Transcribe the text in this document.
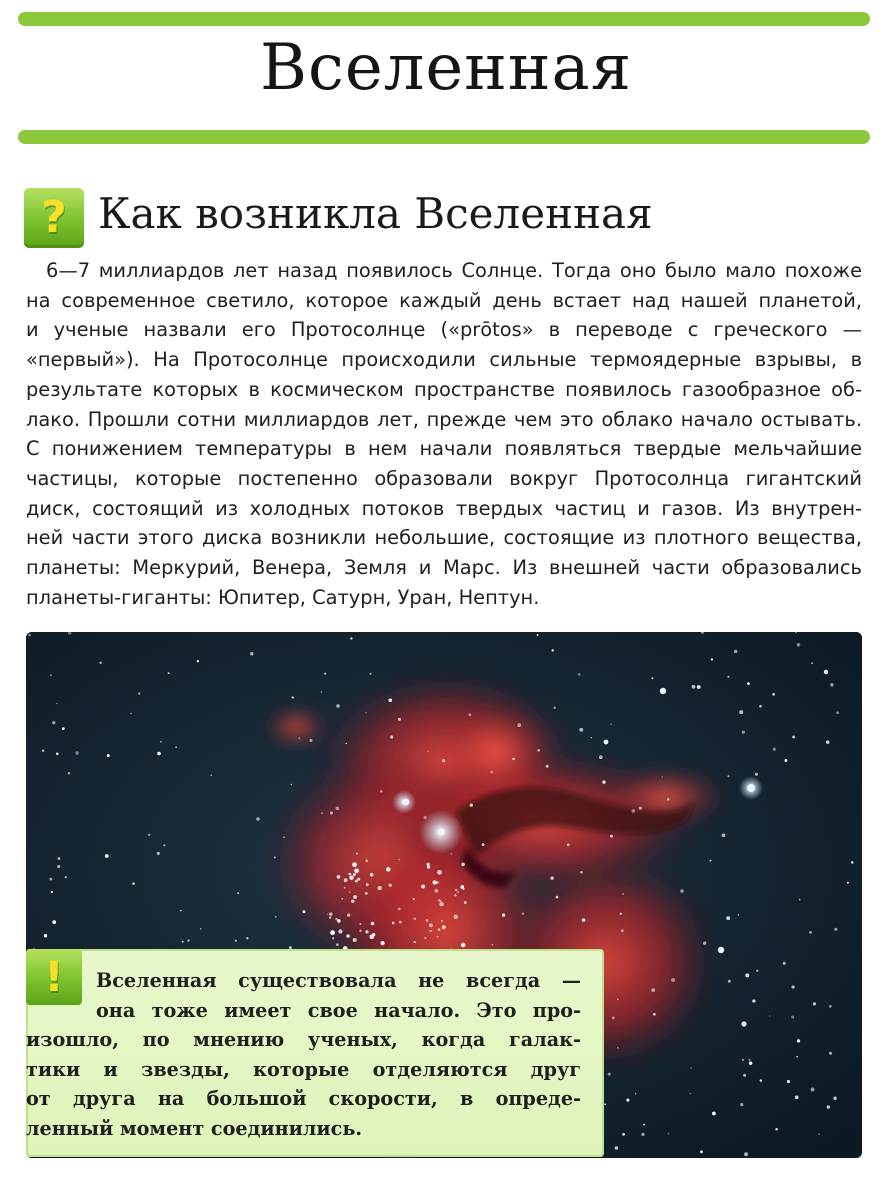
Вселенная
? Как возникла Вселенная
6—7 миллиардов лет назад появилось Солнце. Тогда оно было мало похоже
на современное светило, которое каждый день встает над нашей планетой,
и ученые назвали его Протосолнце («prōtos» в переводе с греческого —
«первый»). На Протосолнце происходили сильные термоядерные взрывы, в
результате которых в космическом пространстве появилось газообразное об-
лако. Прошли сотни миллиардов лет, прежде чем это облако начало остывать.
С понижением температуры в нем начали появляться твердые мельчайшие
частицы, которые постепенно образовали вокруг Протосолнца гигантский
диск, состоящий из холодных потоков твердых частиц и газов. Из внутрен-
ней части этого диска возникли небольшие, состоящие из плотного вещества,
планеты: Меркурий, Венера, Земля и Марс. Из внешней части образовались
планеты-гиганты: Юпитер, Сатурн, Уран, Нептун.
!	Вселенная существовала не всегда —
она тоже имеет свое начало. Это про-
изошло, по мнению ученых, когда галак-
тики и звезды, которые отделяются друг
от друга на большой скорости, в опреде-
ленный момент соединились.
